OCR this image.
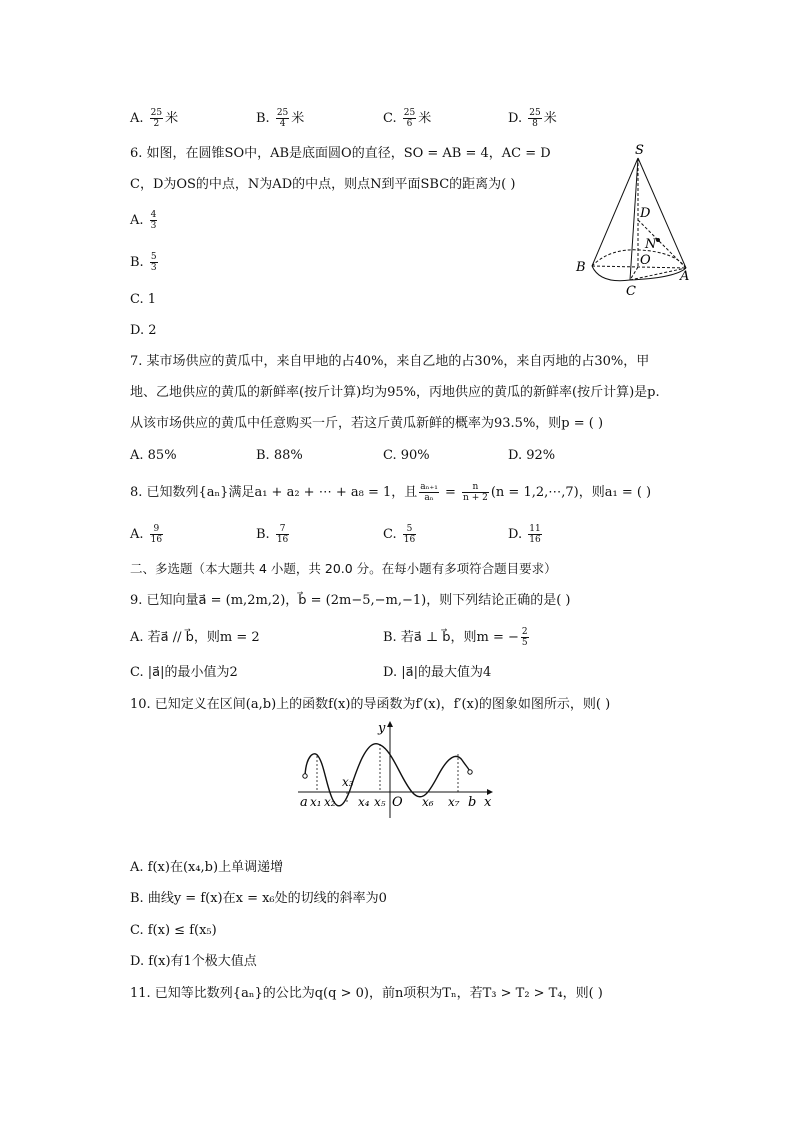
A. $\frac{25}{2}$ 米	B. $\frac{25}{4}$ 米	C. $\frac{25}{6}$ 米	D. $\frac{25}{8}$ 米
6. 如图，在圆锥SO中，AB是底面圆O的直径，SO = AB = 4，AC = D
C，D为OS的中点，N为AD的中点，则点N到平面SBC的距离为( )
A. $\frac{4}{3}$
B. $\frac{5}{3}$
C. 1
D. 2
S
D
N
O
B
C
A
7. 某市场供应的黄瓜中，来自甲地的占40%，来自乙地的占30%，来自丙地的占30%，甲
地、乙地供应的黄瓜的新鲜率(按斤计算)均为95%，丙地供应的黄瓜的新鲜率(按斤计算)是p.
从该市场供应的黄瓜中任意购买一斤，若这斤黄瓜新鲜的概率为93.5%，则p = ( )
A. 85%	B. 88%	C. 90%	D. 92%
8. 已知数列{aₙ}满足a₁ + a₂ + ⋯ + a₈ = 1，且 $\frac{\text{aₙ₊₁}}{\text{aₙ}} = \frac{n}{n + 2} (n$ = 1,2,⋯,7)，则a₁ = ( )
A. $\frac{9}{16}$	B. $\frac{7}{16}$	C. $\frac{5}{16}$	D. $\frac{11}{16}$
二、多选题（本大题共 4 小题，共 20.0 分。在每小题有多项符合题目要求）
9. 已知向量a⃗ = (m,2m,2)，b⃗ = (2m−5,−m,−1)，则下列结论正确的是( )
A. 若a⃗ // b⃗，则m = 2	B. 若a⃗ ⊥ b⃗，则m = − $\frac{2}{5}$
C. |a⃗|的最小值为2	D. |a⃗|的最大值为4
10. 已知定义在区间(a,b)上的函数f(x)的导函数为f′(x)，f′(x)的图象如图所示，则( )
y
x
a x₁ x₂
x₃
x₄ x₅ O x₆ x₇ b
A. f(x)在(x₄,b)上单调递增
B. 曲线y = f(x)在x = x₆处的切线的斜率为0
C. f(x) ≤ f(x₅)
D. f(x)有1个极大值点
11. 已知等比数列{aₙ}的公比为q(q > 0)，前n项积为Tₙ，若T₃ > T₂ > T₄，则( )
